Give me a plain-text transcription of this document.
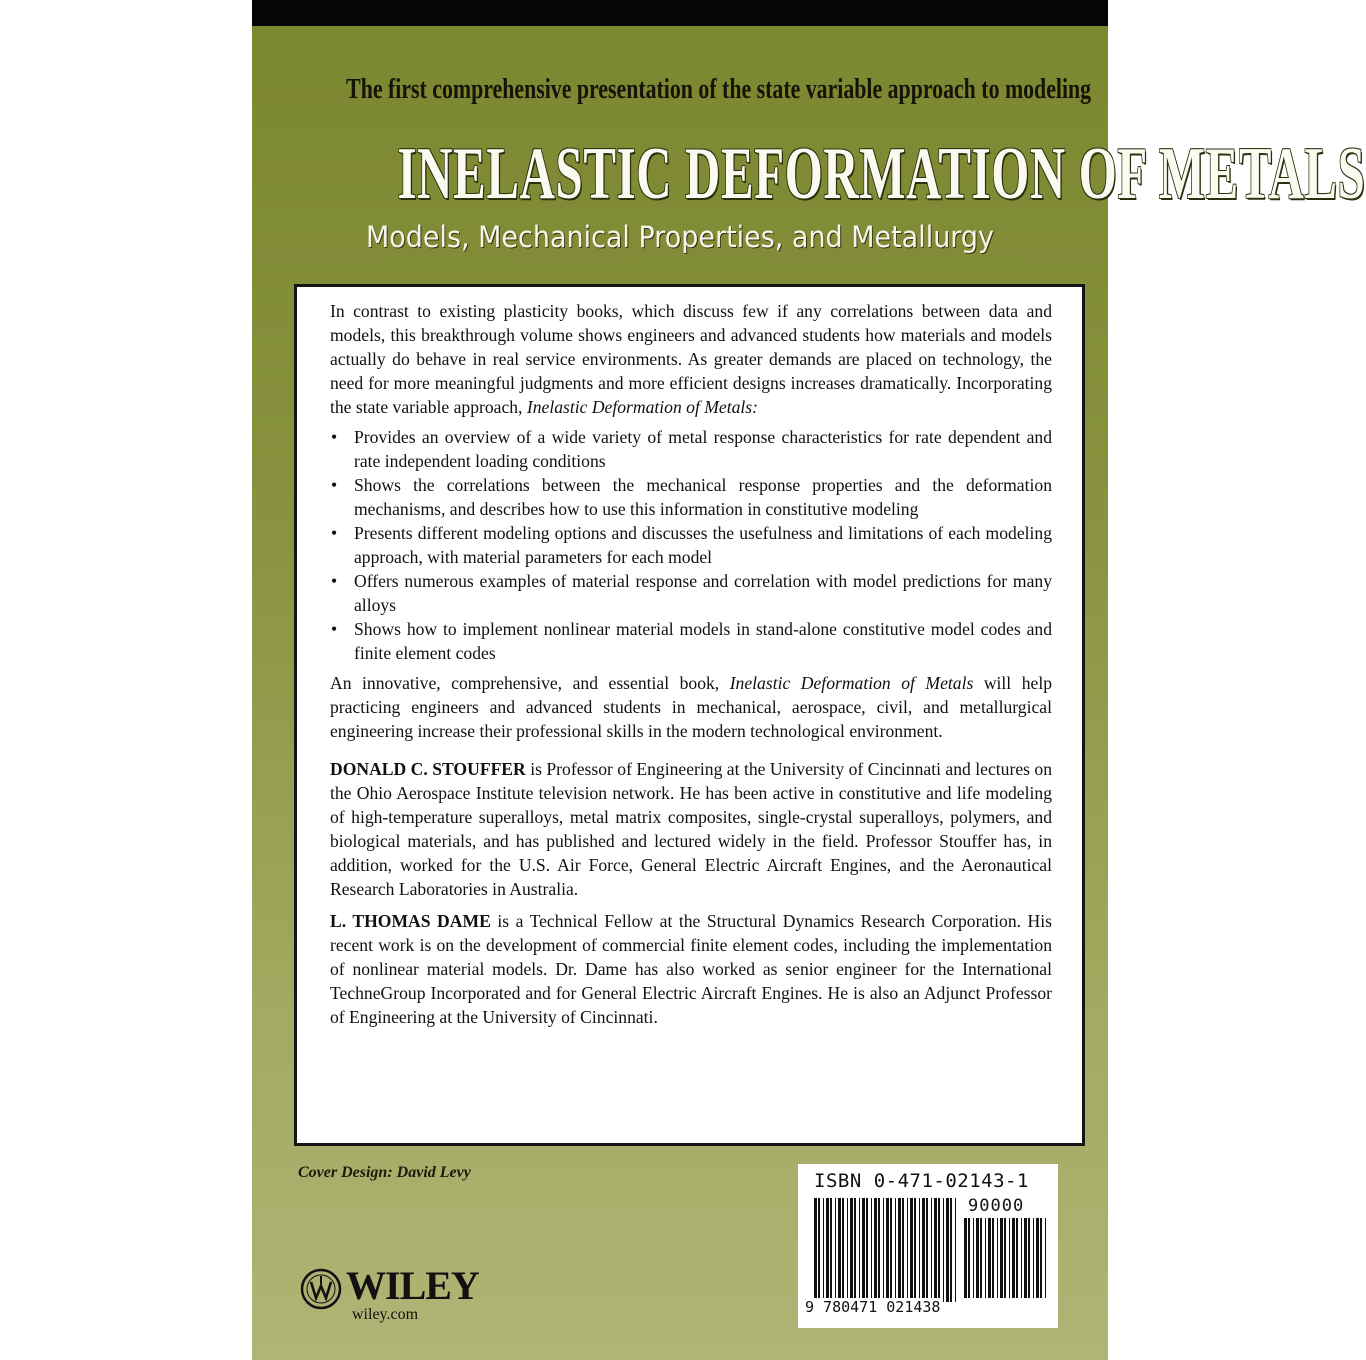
The first comprehensive presentation of the state variable approach to modeling
INELASTIC DEFORMATION OF METALS
Models, Mechanical Properties, and Metallurgy

In contrast to existing plasticity books, which discuss few if any correlations between data and models, this breakthrough volume shows engineers and advanced students how materials and models actually do behave in real service environments. As greater demands are placed on technology, the need for more meaningful judgments and more efficient designs increases dramatically. Incorporating the state variable approach, Inelastic Deformation of Metals:

• Provides an overview of a wide variety of metal response characteristics for rate dependent and rate independent loading conditions
• Shows the correlations between the mechanical response properties and the deformation mechanisms, and describes how to use this information in constitutive modeling
• Presents different modeling options and discusses the usefulness and limitations of each modeling approach, with material parameters for each model
• Offers numerous examples of material response and correlation with model predictions for many alloys
• Shows how to implement nonlinear material models in stand-alone constitutive model codes and finite element codes

An innovative, comprehensive, and essential book, Inelastic Deformation of Metals will help practicing engineers and advanced students in mechanical, aerospace, civil, and metallurgical engineering increase their professional skills in the modern technological environment.

DONALD C. STOUFFER is Professor of Engineering at the University of Cincinnati and lectures on the Ohio Aerospace Institute television network. He has been active in constitutive and life modeling of high-temperature superalloys, metal matrix composites, single-crystal superalloys, polymers, and biological materials, and has published and lectured widely in the field. Professor Stouffer has, in addition, worked for the U.S. Air Force, General Electric Aircraft Engines, and the Aeronautical Research Laboratories in Australia.

L. THOMAS DAME is a Technical Fellow at the Structural Dynamics Research Corporation. His recent work is on the development of commercial finite element codes, including the implementation of nonlinear material models. Dr. Dame has also worked as senior engineer for the International TechneGroup Incorporated and for General Electric Aircraft Engines. He is also an Adjunct Professor of Engineering at the University of Cincinnati.

Cover Design: David Levy
WILEY
wiley.com
ISBN 0-471-02143-1
90000
9 780471 021438
